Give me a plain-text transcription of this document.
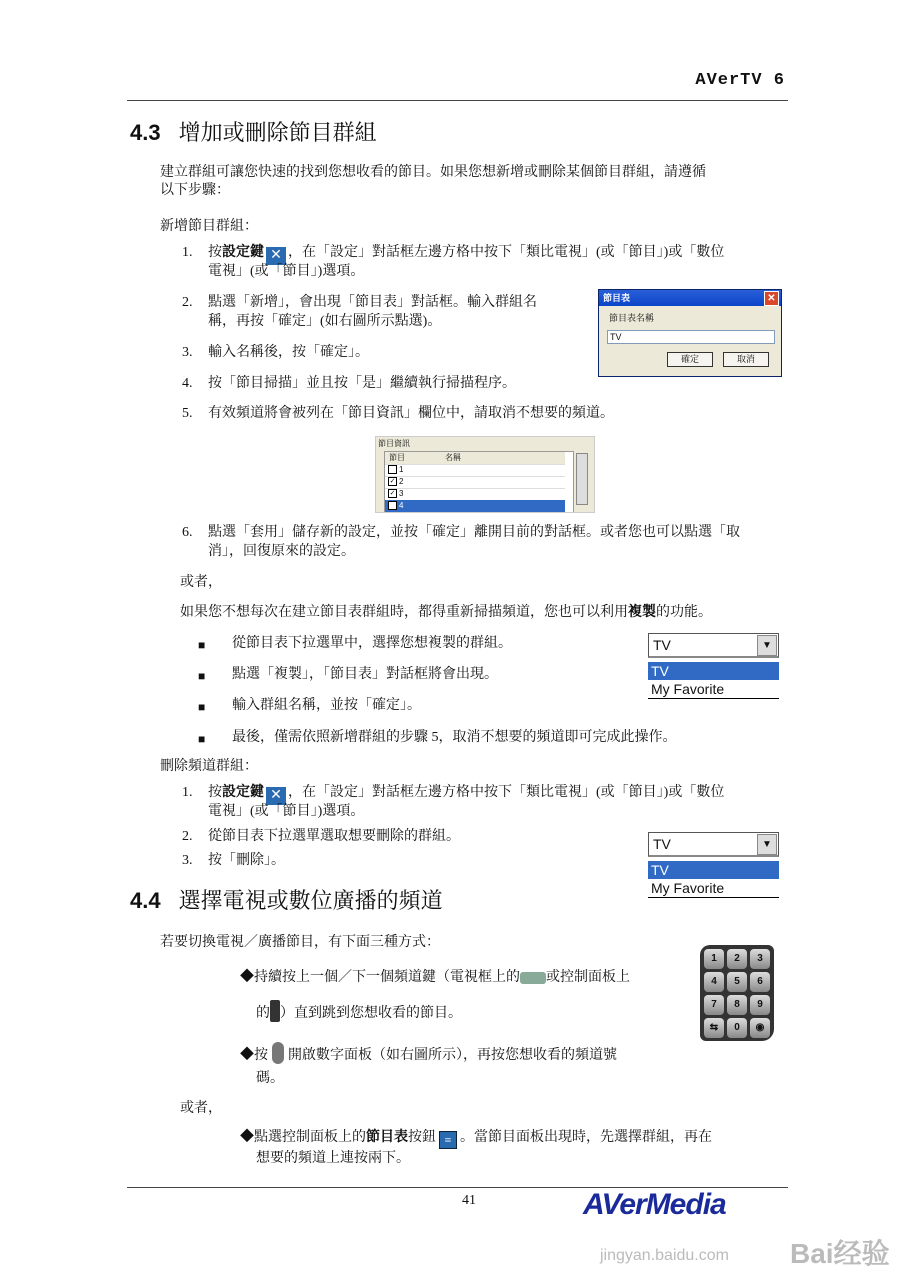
AVerTV 6
4.3 增加或刪除節目群組
建立群組可讓您快速的找到您想收看的節目。如果您想新增或刪除某個節目群組，請遵循
以下步驟：
新增節目群組：
1. 按設定鍵 ✕ ，在「設定」對話框左邊方格中按下「類比電視」(或「節目」)或「數位
電視」(或「節目」)選項。
2. 點選「新增」，會出現「節目表」對話框。輸入群組名
稱，再按「確定」(如右圖所示點選)。
3. 輸入名稱後，按「確定」。
4. 按「節目掃描」並且按「是」繼續執行掃描程序。
5. 有效頻道將會被列在「節目資訊」欄位中，請取消不想要的頻道。
節目表	✕
節目表名稱
TV
確定	取消
節目資訊
節目	名稱
1
✓ 2
✓ 3
4
6. 點選「套用」儲存新的設定，並按「確定」離開目前的對話框。或者您也可以點選「取
消」，回復原來的設定。
或者，
如果您不想每次在建立節目表群組時，都得重新掃描頻道，您也可以利用複製的功能。
■ 從節目表下拉選單中，選擇您想複製的群組。
■ 點選「複製」，「節目表」對話框將會出現。
■ 輸入群組名稱，並按「確定」。
■ 最後，僅需依照新增群組的步驟 5，取消不想要的頻道即可完成此操作。
TV	▼
TV
My Favorite
刪除頻道群組：
1. 按設定鍵 ✕ ，在「設定」對話框左邊方格中按下「類比電視」(或「節目」)或「數位
電視」(或「節目」)選項。
2. 從節目表下拉選單選取想要刪除的群組。
3. 按「刪除」。
TV	▼
TV
My Favorite
4.4 選擇電視或數位廣播的頻道
若要切換電視／廣播節目，有下面三種方式：
◆持續按上一個／下一個頻道鍵（電視框上的 或控制面板上
的 ）直到跳到您想收看的節目。
◆按 開啟數字面板（如右圖所示），再按您想收看的頻道號
碼。
1	2	3
4	5	6
7	8	9
⇆	0	◉
或者，
◆點選控制面板上的節目表按鈕 ≡ 。當節目面板出現時，先選擇群組，再在
想要的頻道上連按兩下。
41	AVerMedia
Bai经验
jingyan.baidu.com
